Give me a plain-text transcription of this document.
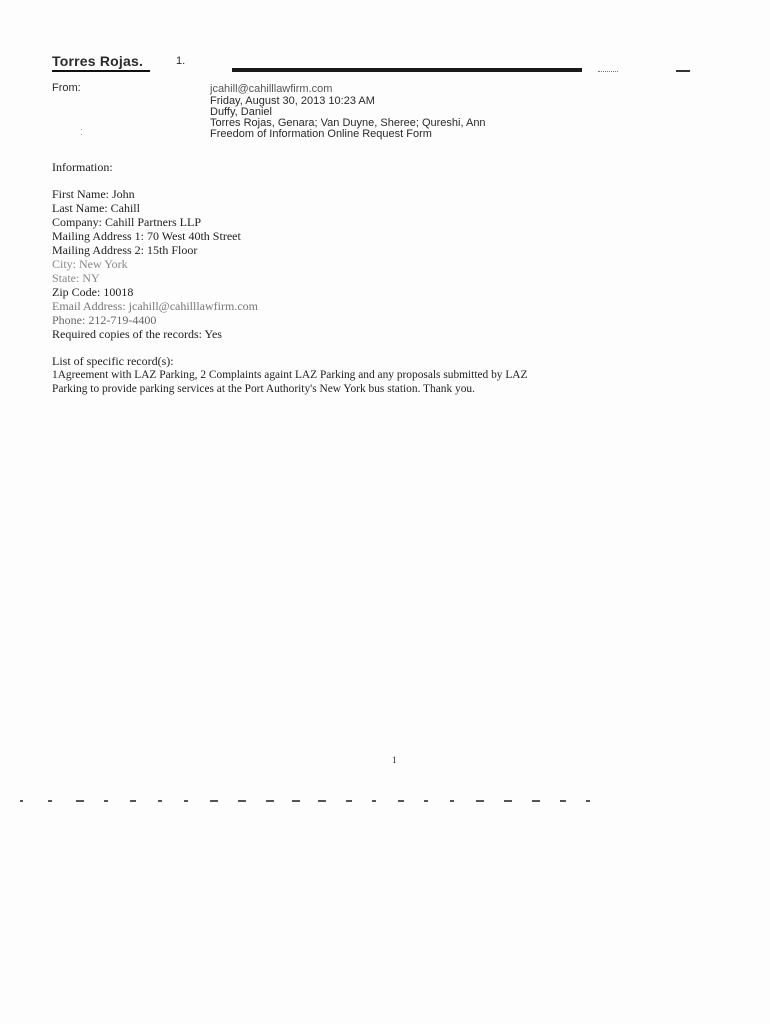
Torres Rojas.	1.
From:
:
jcahill@cahilllawfirm.com
Friday, August 30, 2013 10:23 AM
Duffy, Daniel
Torres Rojas, Genara; Van Duyne, Sheree; Qureshi, Ann
Freedom of Information Online Request Form
Information:
First Name: John
Last Name: Cahill
Company: Cahill Partners LLP
Mailing Address 1: 70 West 40th Street
Mailing Address 2: 15th Floor
City: New York
State: NY
Zip Code: 10018
Email Address: jcahill@cahilllawfirm.com
Phone: 212-719-4400
Required copies of the records: Yes
List of specific record(s):
1Agreement with LAZ Parking, 2 Complaints againt LAZ Parking and any proposals submitted by LAZ
Parking to provide parking services at the Port Authority's New York bus station. Thank you.
1
